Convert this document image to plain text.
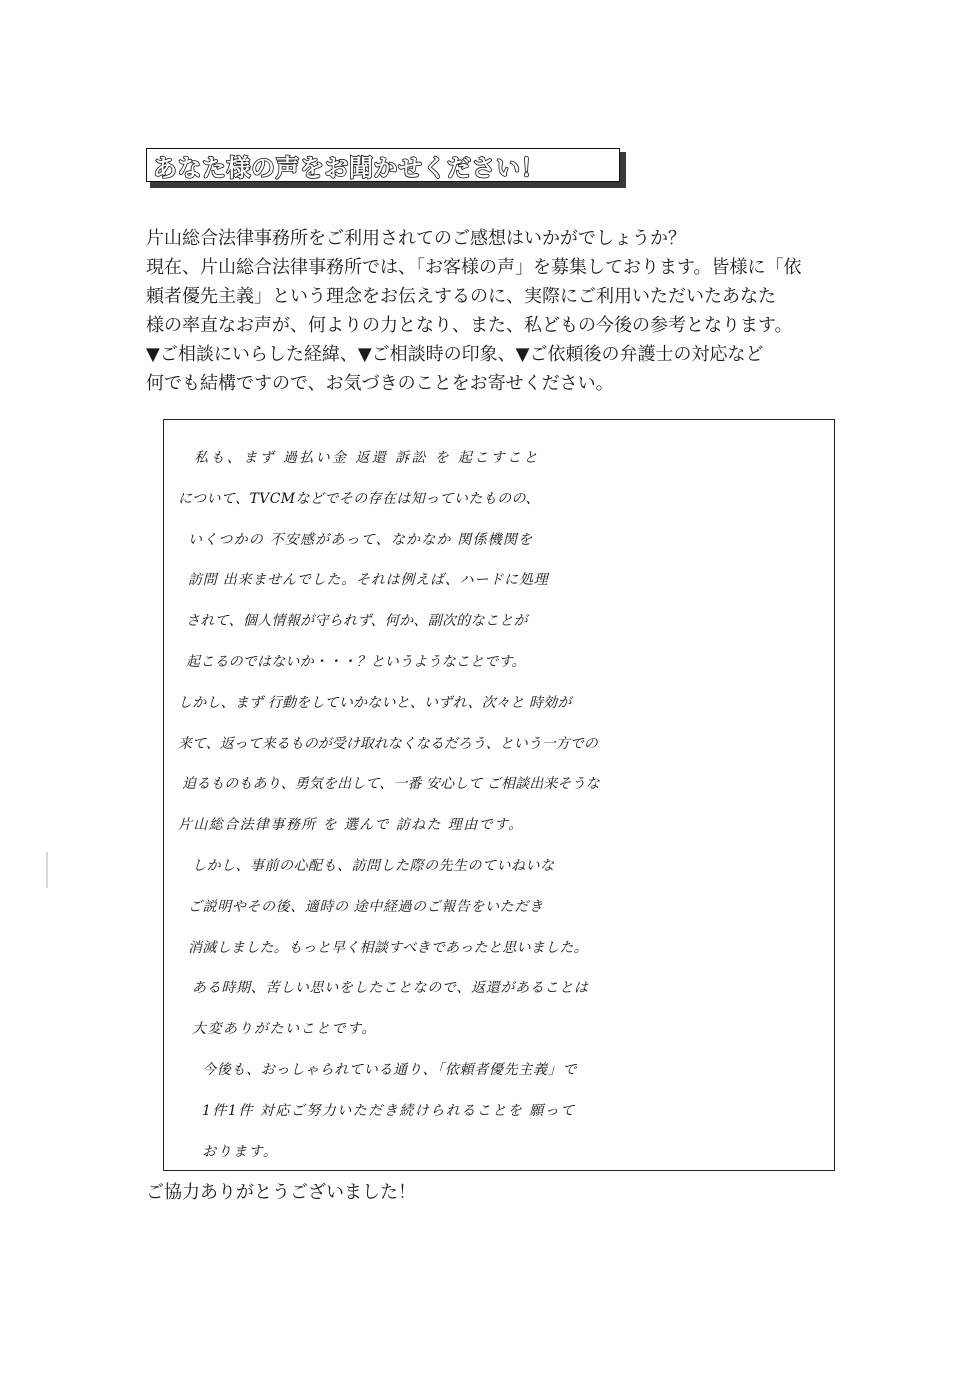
あなた様の声をお聞かせください！
片山総合法律事務所をご利用されてのご感想はいかがでしょうか？
現在、片山総合法律事務所では、「お客様の声」を募集しております。皆様に「依
頼者優先主義」という理念をお伝えするのに、実際にご利用いただいたあなた
様の率直なお声が、何よりの力となり、また、私どもの今後の参考となります。
▼ご相談にいらした経緯、▼ご相談時の印象、▼ご依頼後の弁護士の対応など
何でも結構ですので、お気づきのことをお寄せください。
私も、まず 過払い金 返還 訴訟 を 起こすこと
について、TVCMなどでその存在は知っていたものの、
いくつかの 不安感があって、なかなか 関係機関を
訪問 出来ませんでした。それは例えば、ハードに処理
されて、個人情報が守られず、何か、副次的なことが
起こるのではないか・・・？というようなことです。
しかし、まず 行動をしていかないと、いずれ、次々と 時効が
来て、返って来るものが受け取れなくなるだろう、という一方での
迫るものもあり、勇気を出して、一番 安心して ご相談出来そうな
片山総合法律事務所 を 選んで 訪ねた 理由です。
しかし、事前の心配も、訪問した際の先生のていねいな
ご説明やその後、適時の 途中経過のご報告をいただき
消滅しました。もっと早く相談すべきであったと思いました。
ある時期、苦しい思いをしたことなので、返還があることは
大変ありがたいことです。
今後も、おっしゃられている通り、「依頼者優先主義」で
1件1件 対応ご努力いただき続けられることを 願って
おります。
ご協力ありがとうございました！
